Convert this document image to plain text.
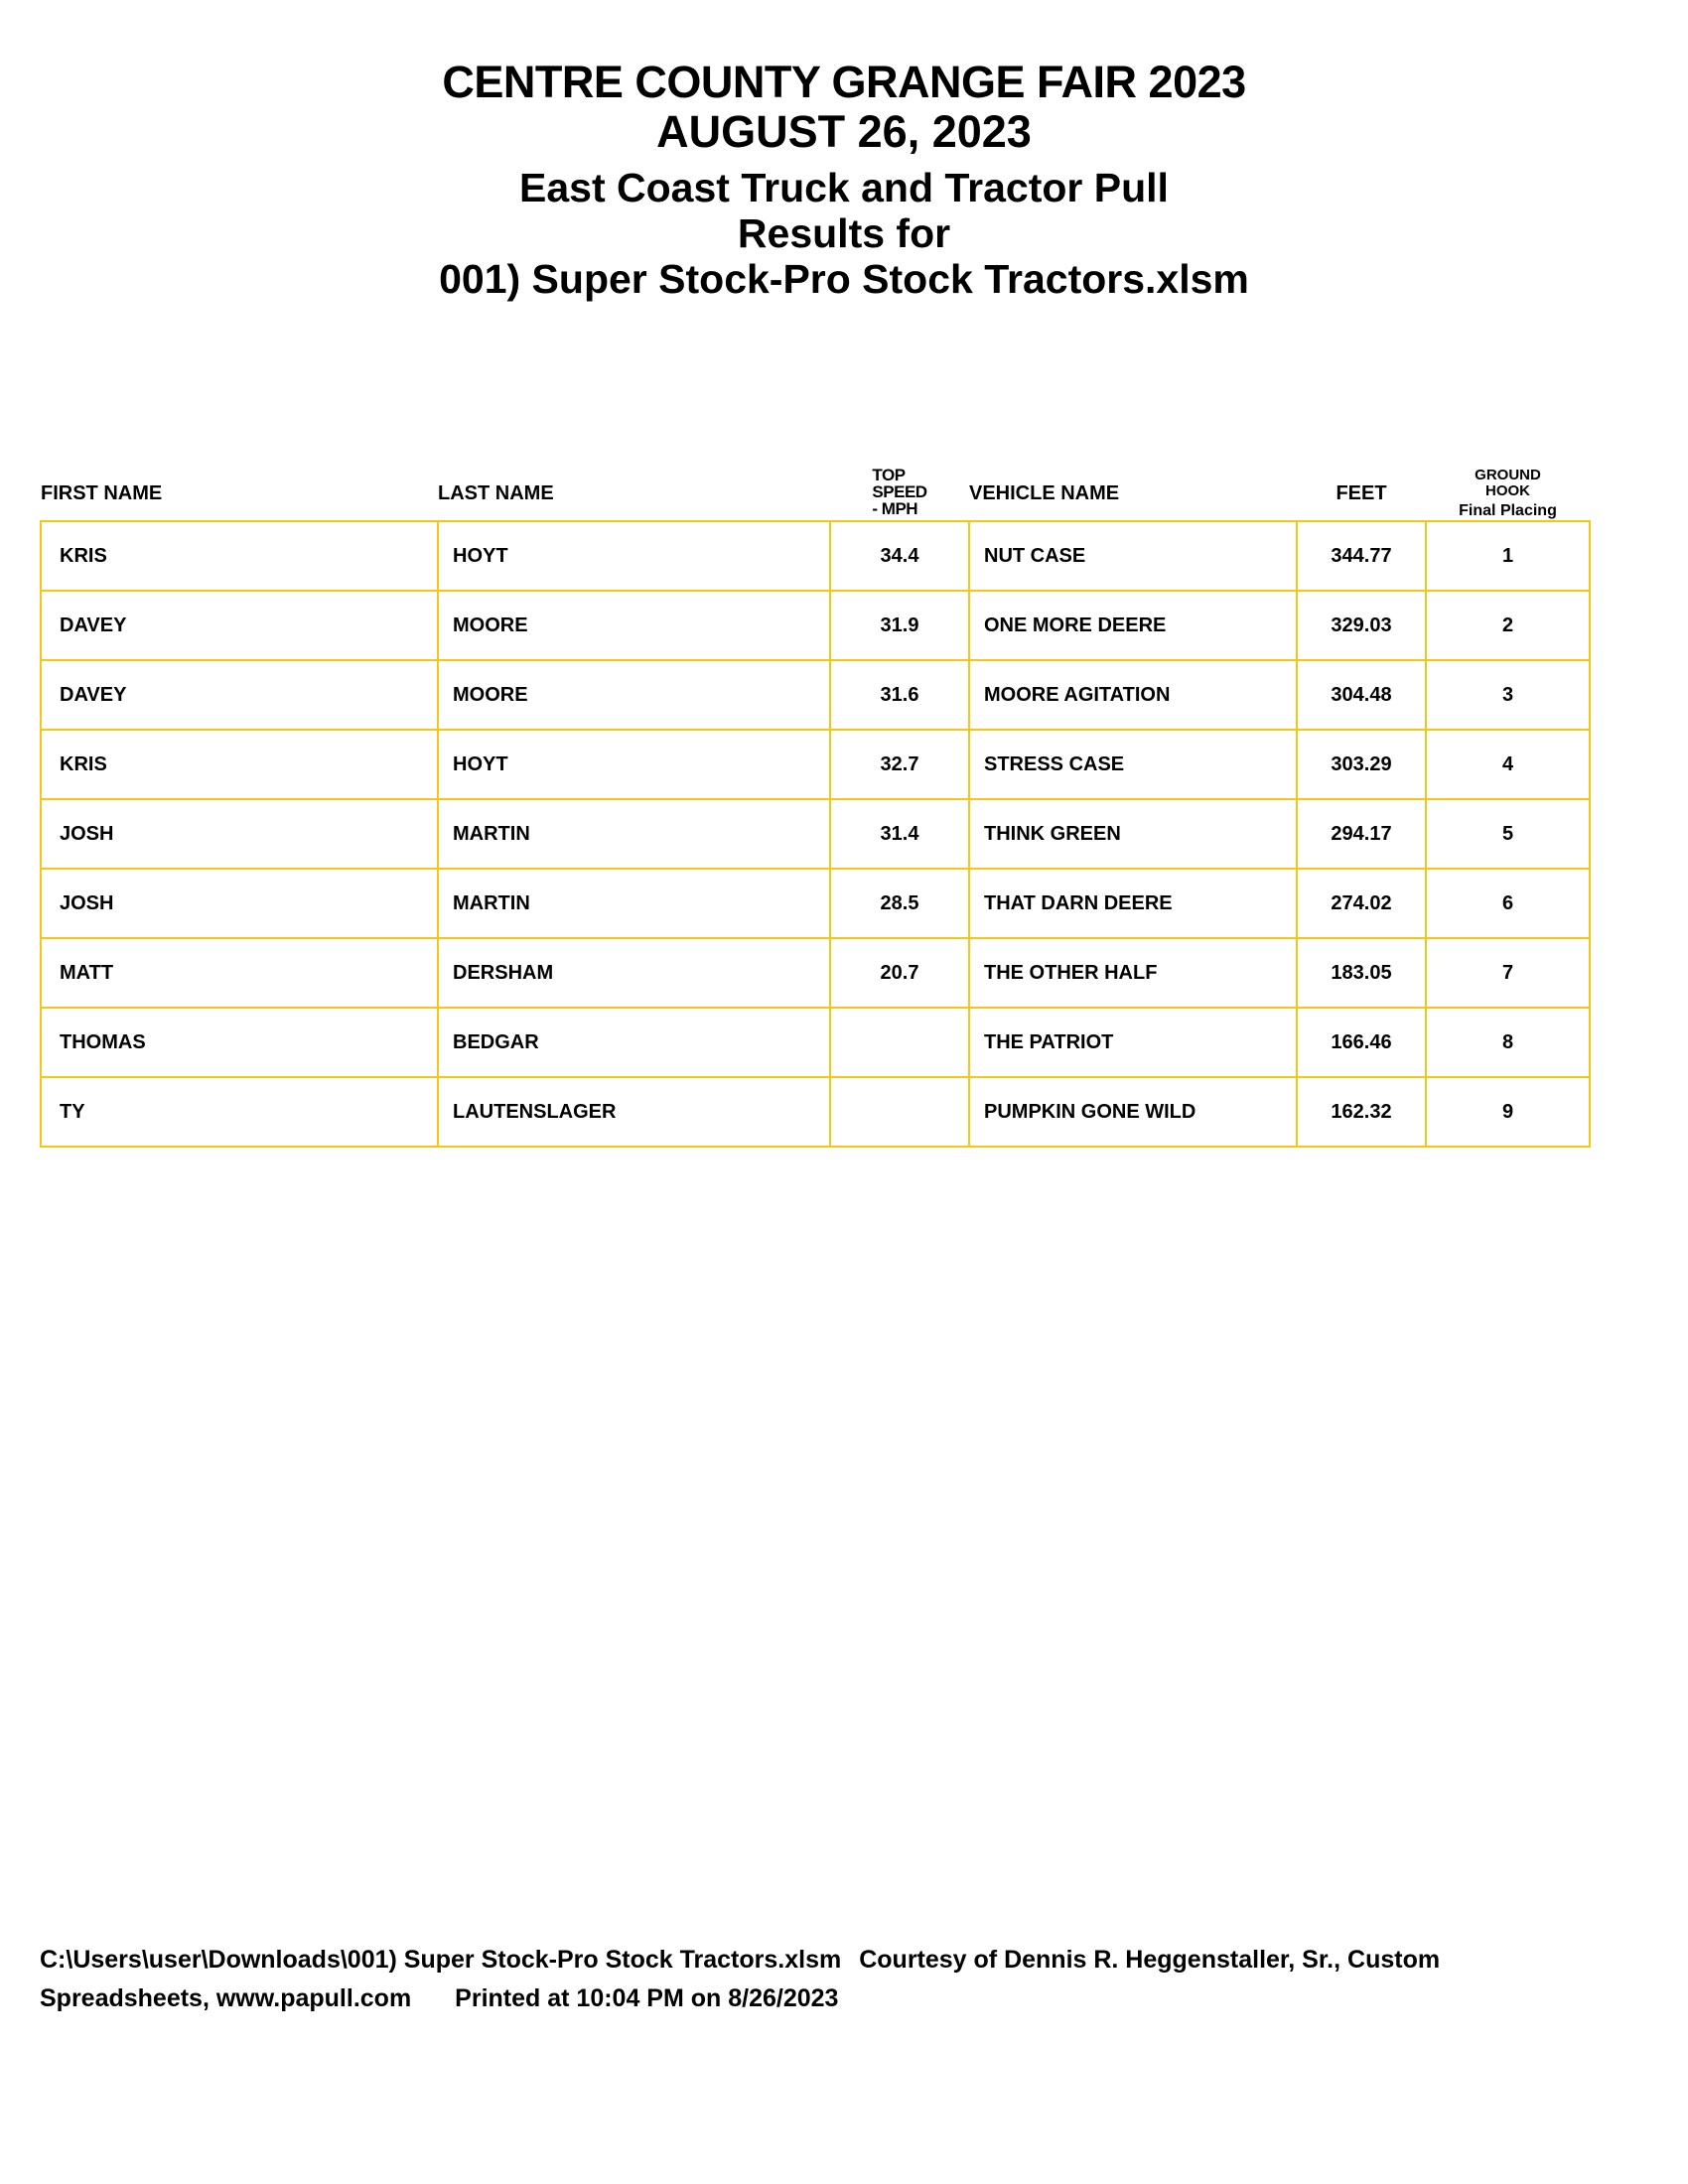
CENTRE COUNTY GRANGE FAIR 2023
AUGUST 26, 2023
East Coast Truck and Tractor Pull
Results for
001) Super Stock-Pro Stock Tractors.xlsm
FIRST NAME	LAST NAME	TOP
SPEED
- MPH	VEHICLE NAME	FEET	GROUND
HOOK
Final Placing

KRIS	HOYT	34.4	NUT CASE	344.77	1
DAVEY	MOORE	31.9	ONE MORE DEERE	329.03	2
DAVEY	MOORE	31.6	MOORE AGITATION	304.48	3
KRIS	HOYT	32.7	STRESS CASE	303.29	4
JOSH	MARTIN	31.4	THINK GREEN	294.17	5
JOSH	MARTIN	28.5	THAT DARN DEERE	274.02	6
MATT	DERSHAM	20.7	THE OTHER HALF	183.05	7
THOMAS	BEDGAR		THE PATRIOT	166.46	8
TY	LAUTENSLAGER		PUMPKIN GONE WILD	162.32	9
C:\Users\user\Downloads\001) Super Stock-Pro Stock Tractors.xlsm Courtesy of Dennis R. Heggenstaller, Sr., Custom Spreadsheets, www.papull.com Printed at 10:04 PM on 8/26/2023
